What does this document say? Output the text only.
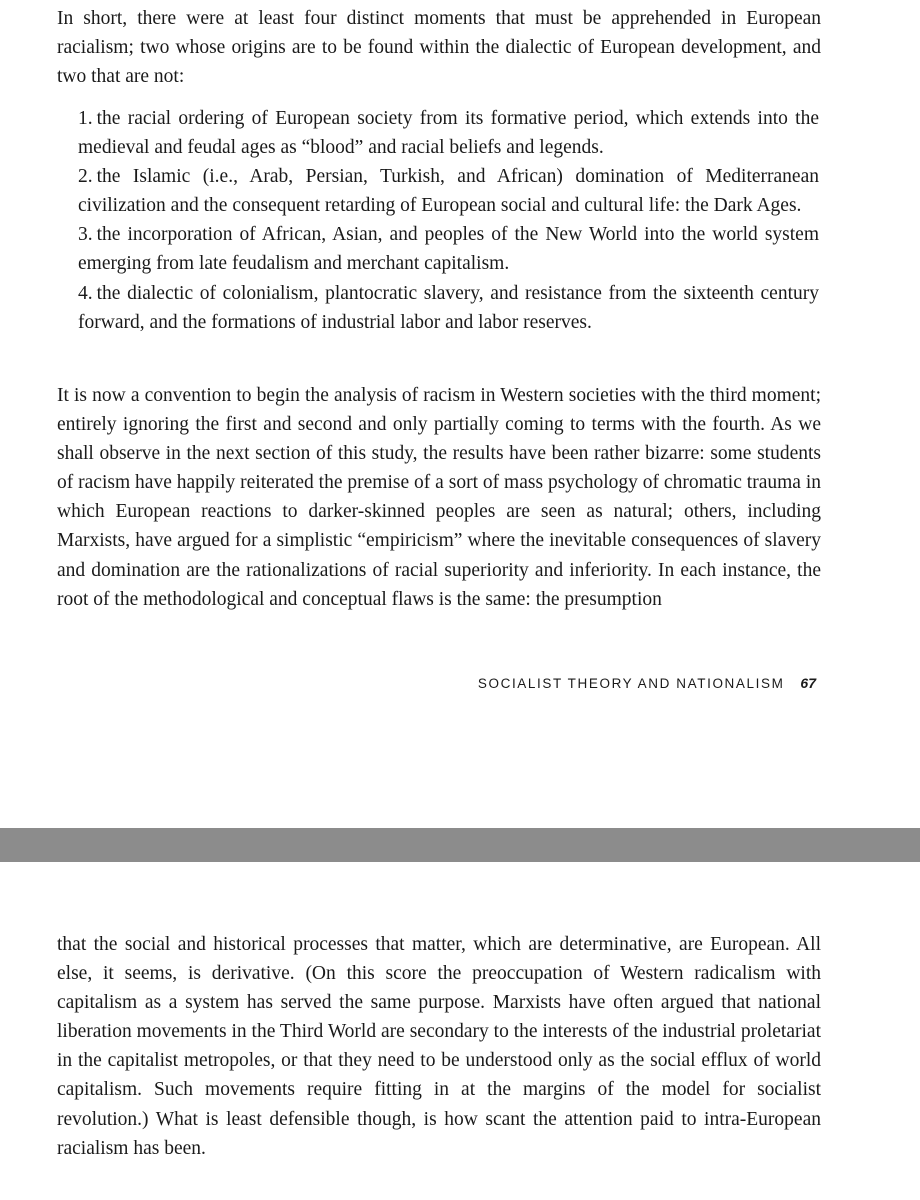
In short, there were at least four distinct moments that must be apprehended in European racialism; two whose origins are to be found within the dialectic of European development, and two that are not:

1. the racial ordering of European society from its formative period, which extends into the medieval and feudal ages as “blood” and racial beliefs and legends.
2. the Islamic (i.e., Arab, Persian, Turkish, and African) domination of Mediterranean civilization and the consequent retarding of European social and cultural life: the Dark Ages.
3. the incorporation of African, Asian, and peoples of the New World into the world system emerging from late feudalism and merchant capitalism.
4. the dialectic of colonialism, plantocratic slavery, and resistance from the sixteenth century forward, and the formations of industrial labor and labor reserves.

It is now a convention to begin the analysis of racism in Western societies with the third moment; entirely ignoring the first and second and only partially coming to terms with the fourth. As we shall observe in the next section of this study, the results have been rather bizarre: some students of racism have happily reiterated the premise of a sort of mass psychology of chromatic trauma in which European reactions to darker-skinned peoples are seen as natural; others, including Marxists, have argued for a simplistic “empiricism” where the inevitable consequences of slavery and domination are the rationalizations of racial superiority and inferiority. In each instance, the root of the methodological and conceptual flaws is the same: the presumption

SOCIALIST THEORY AND NATIONALISM 67

that the social and historical processes that matter, which are determinative, are European. All else, it seems, is derivative. (On this score the preoccupation of Western radicalism with capitalism as a system has served the same purpose. Marxists have often argued that national liberation movements in the Third World are secondary to the interests of the industrial proletariat in the capitalist metropoles, or that they need to be understood only as the social efflux of world capitalism. Such movements require fitting in at the margins of the model for socialist revolution.) What is least defensible though, is how scant the attention paid to intra-European racialism has been.
